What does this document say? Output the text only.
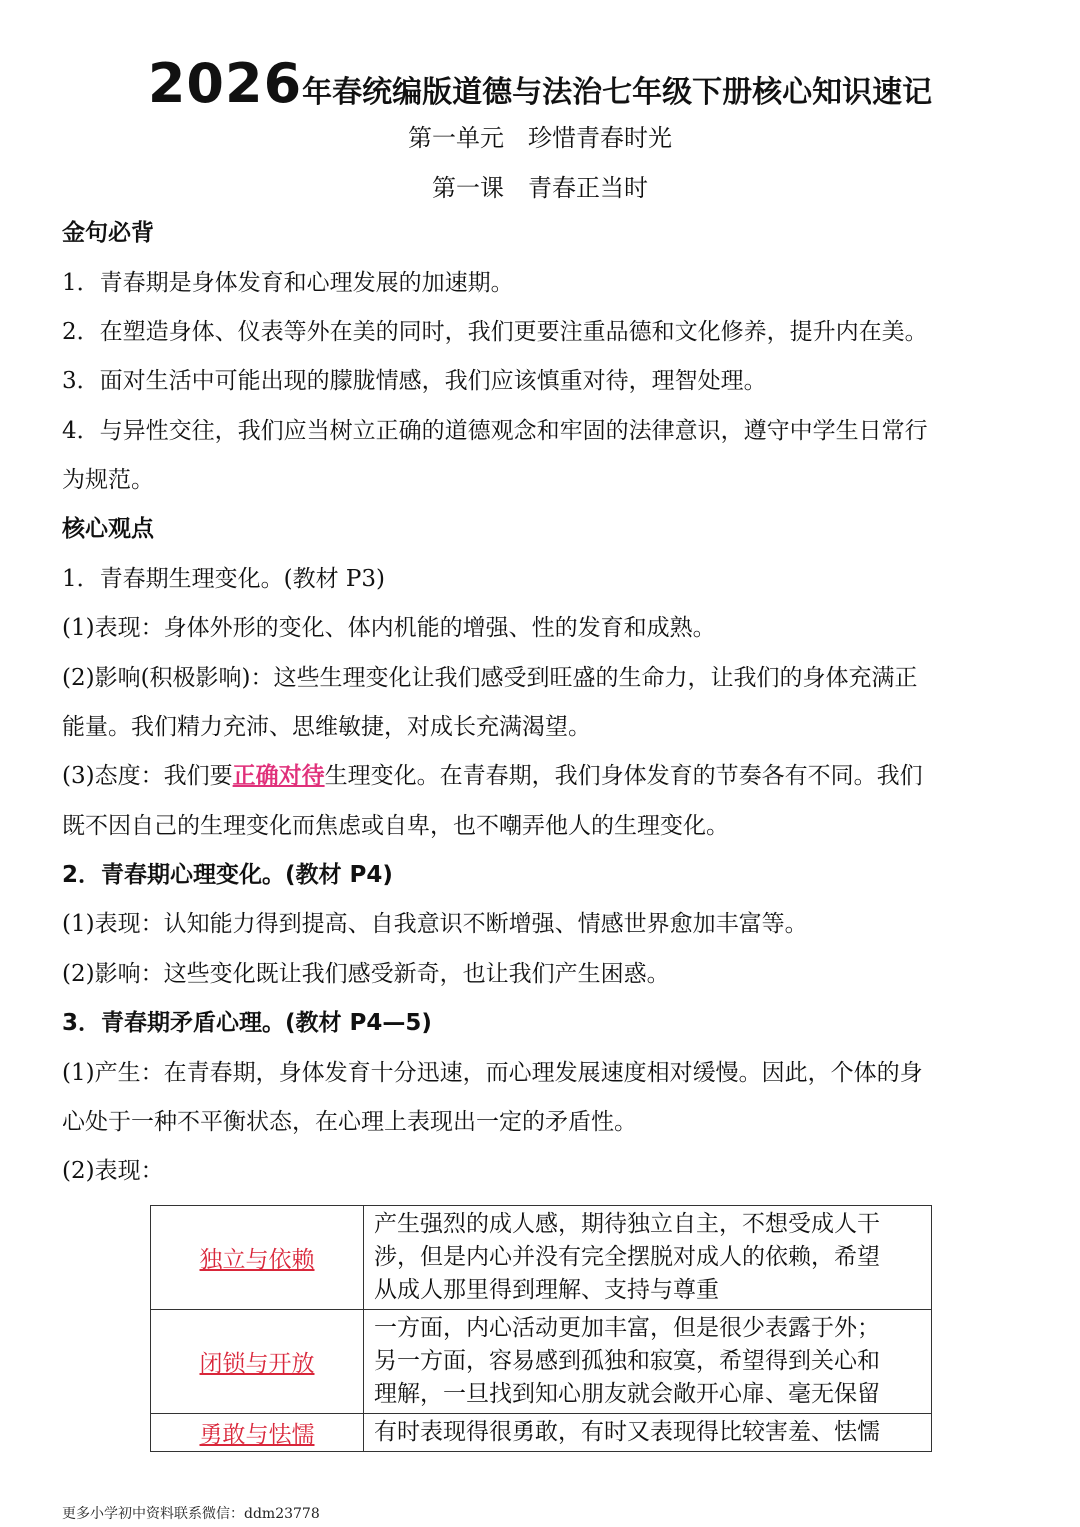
2026年春统编版道德与法治七年级下册核心知识速记
第一单元　珍惜青春时光
第一课　青春正当时
金句必背
1．青春期是身体发育和心理发展的加速期。
2．在塑造身体、仪表等外在美的同时，我们更要注重品德和文化修养，提升内在美。
3．面对生活中可能出现的朦胧情感，我们应该慎重对待，理智处理。
4．与异性交往，我们应当树立正确的道德观念和牢固的法律意识，遵守中学生日常行
为规范。
核心观点
1．青春期生理变化。(教材 P3)
(1)表现：身体外形的变化、体内机能的增强、性的发育和成熟。
(2)影响(积极影响)：这些生理变化让我们感受到旺盛的生命力，让我们的身体充满正
能量。我们精力充沛、思维敏捷，对成长充满渴望。
(3)态度：我们要正确对待生理变化。在青春期，我们身体发育的节奏各有不同。我们
既不因自己的生理变化而焦虑或自卑，也不嘲弄他人的生理变化。
2．青春期心理变化。(教材 P4)
(1)表现：认知能力得到提高、自我意识不断增强、情感世界愈加丰富等。
(2)影响：这些变化既让我们感受新奇，也让我们产生困惑。
3．青春期矛盾心理。(教材 P4—5)
(1)产生：在青春期，身体发育十分迅速，而心理发展速度相对缓慢。因此，个体的身
心处于一种不平衡状态，在心理上表现出一定的矛盾性。
(2)表现：
独立与依赖	产生强烈的成人感，期待独立自主，不想受成人干
涉，但是内心并没有完全摆脱对成人的依赖，希望
从成人那里得到理解、支持与尊重

闭锁与开放	一方面，内心活动更加丰富，但是很少表露于外；
另一方面，容易感到孤独和寂寞，希望得到关心和
理解，一旦找到知心朋友就会敞开心扉、毫无保留

勇敢与怯懦	有时表现得很勇敢，有时又表现得比较害羞、怯懦
更多小学初中资料联系微信：ddm23778
